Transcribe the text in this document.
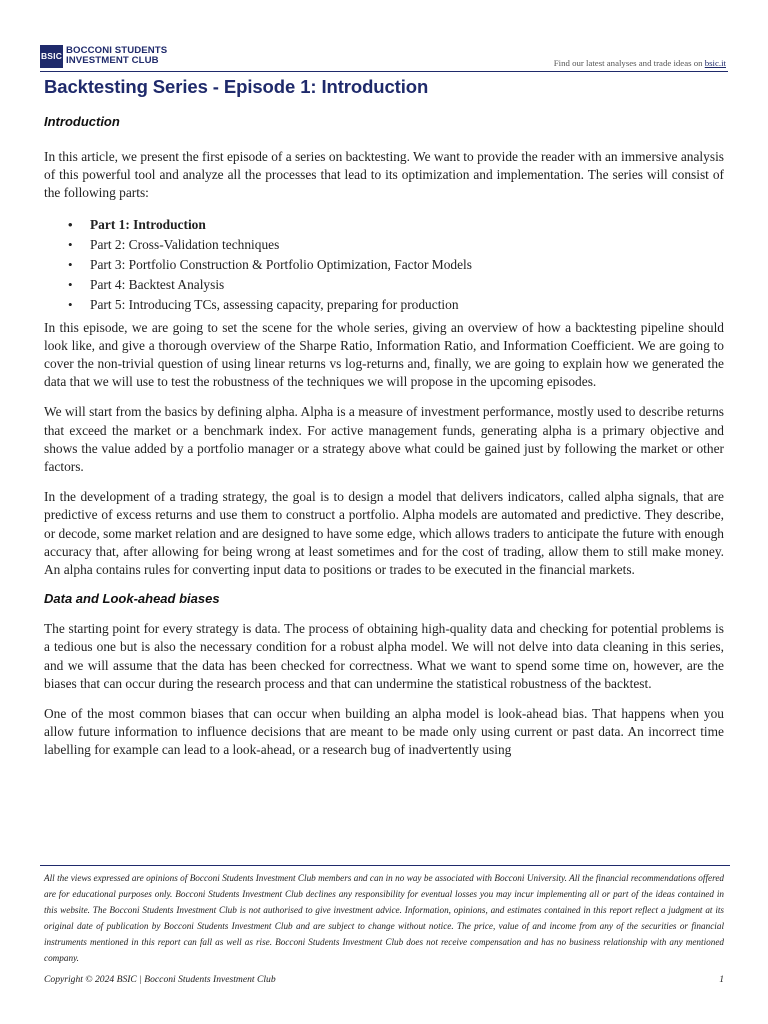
BSIC BOCCONI STUDENTS
INVESTMENT CLUB	Find our latest analyses and trade ideas on bsic.it
Backtesting Series - Episode 1: Introduction
Introduction

In this article, we present the first episode of a series on backtesting. We want to provide the reader with an immersive analysis of this powerful tool and analyze all the processes that lead to its optimization and implementation. The series will consist of the following parts:

• Part 1: Introduction
• Part 2: Cross-Validation techniques
• Part 3: Portfolio Construction & Portfolio Optimization, Factor Models
• Part 4: Backtest Analysis
• Part 5: Introducing TCs, assessing capacity, preparing for production

In this episode, we are going to set the scene for the whole series, giving an overview of how a backtesting pipeline should look like, and give a thorough overview of the Sharpe Ratio, Information Ratio, and Information Coefficient. We are going to cover the non-trivial question of using linear returns vs log-returns and, finally, we are going to explain how we generated the data that we will use to test the robustness of the techniques we will propose in the upcoming episodes.

We will start from the basics by defining alpha. Alpha is a measure of investment performance, mostly used to describe returns that exceed the market or a benchmark index. For active management funds, generating alpha is a primary objective and shows the value added by a portfolio manager or a strategy above what could be gained just by following the market or other factors.

In the development of a trading strategy, the goal is to design a model that delivers indicators, called alpha signals, that are predictive of excess returns and use them to construct a portfolio. Alpha models are automated and predictive. They describe, or decode, some market relation and are designed to have some edge, which allows traders to anticipate the future with enough accuracy that, after allowing for being wrong at least sometimes and for the cost of trading, allow them to still make money. An alpha contains rules for converting input data to positions or trades to be executed in the financial markets.

Data and Look-ahead biases

The starting point for every strategy is data. The process of obtaining high-quality data and checking for potential problems is a tedious one but is also the necessary condition for a robust alpha model. We will not delve into data cleaning in this series, and we will assume that the data has been checked for correctness. What we want to spend some time on, however, are the biases that can occur during the research process and that can undermine the statistical robustness of the backtest.

One of the most common biases that can occur when building an alpha model is look-ahead bias. That happens when you allow future information to influence decisions that are meant to be made only using current or past data. An incorrect time labelling for example can lead to a look-ahead, or a research bug of inadvertently using

All the views expressed are opinions of Bocconi Students Investment Club members and can in no way be associated with Bocconi University. All the financial recommendations offered are for educational purposes only. Bocconi Students Investment Club declines any responsibility for eventual losses you may incur implementing all or part of the ideas contained in this website. The Bocconi Students Investment Club is not authorised to give investment advice. Information, opinions, and estimates contained in this report reflect a judgment at its original date of publication by Bocconi Students Investment Club and are subject to change without notice. The price, value of and income from any of the securities or financial instruments mentioned in this report can fall as well as rise. Bocconi Students Investment Club does not receive compensation and has no business relationship with any mentioned company.

Copyright © 2024 BSIC | Bocconi Students Investment Club	1
